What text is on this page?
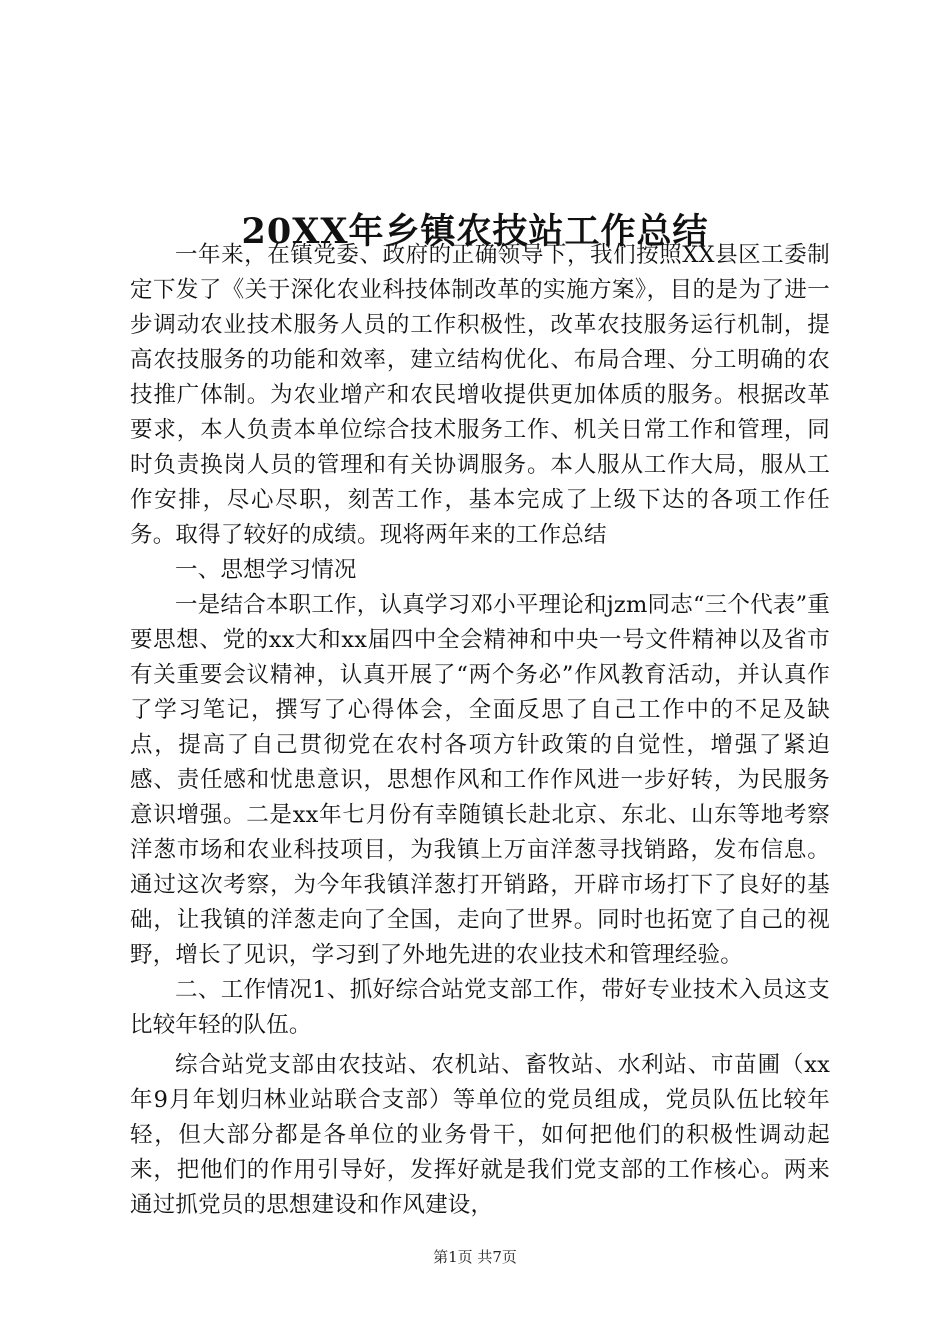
20XX年乡镇农技站工作总结

一年来，在镇党委、政府的正确领导下，我们按照XX县区工委制定下发了《关于深化农业科技体制改革的实施方案》，目的是为了进一步调动农业技术服务人员的工作积极性，改革农技服务运行机制，提高农技服务的功能和效率，建立结构优化、布局合理、分工明确的农技推广体制。为农业增产和农民增收提供更加体质的服务。根据改革要求，本人负责本单位综合技术服务工作、机关日常工作和管理，同时负责换岗人员的管理和有关协调服务。本人服从工作大局，服从工作安排，尽心尽职，刻苦工作，基本完成了上级下达的各项工作任务。取得了较好的成绩。现将两年来的工作总结

一、思想学习情况

一是结合本职工作，认真学习邓小平理论和jzm同志“三个代表”重要思想、党的xx大和xx届四中全会精神和中央一号文件精神以及省市有关重要会议精神，认真开展了“两个务必”作风教育活动，并认真作了学习笔记，撰写了心得体会，全面反思了自己工作中的不足及缺点，提高了自己贯彻党在农村各项方针政策的自觉性，增强了紧迫感、责任感和忧患意识，思想作风和工作作风进一步好转，为民服务意识增强。二是xx年七月份有幸随镇长赴北京、东北、山东等地考察洋葱市场和农业科技项目，为我镇上万亩洋葱寻找销路，发布信息。通过这次考察，为今年我镇洋葱打开销路，开辟市场打下了良好的基础，让我镇的洋葱走向了全国，走向了世界。同时也拓宽了自己的视野，增长了见识，学习到了外地先进的农业技术和管理经验。

二、工作情况1、抓好综合站党支部工作，带好专业技术入员这支比较年轻的队伍。

综合站党支部由农技站、农机站、畜牧站、水利站、市苗圃（xx年9月年划归林业站联合支部）等单位的党员组成，党员队伍比较年轻，但大部分都是各单位的业务骨干，如何把他们的积极性调动起来，把他们的作用引导好，发挥好就是我们党支部的工作核心。两来通过抓党员的思想建设和作风建设，

第1页 共7页
